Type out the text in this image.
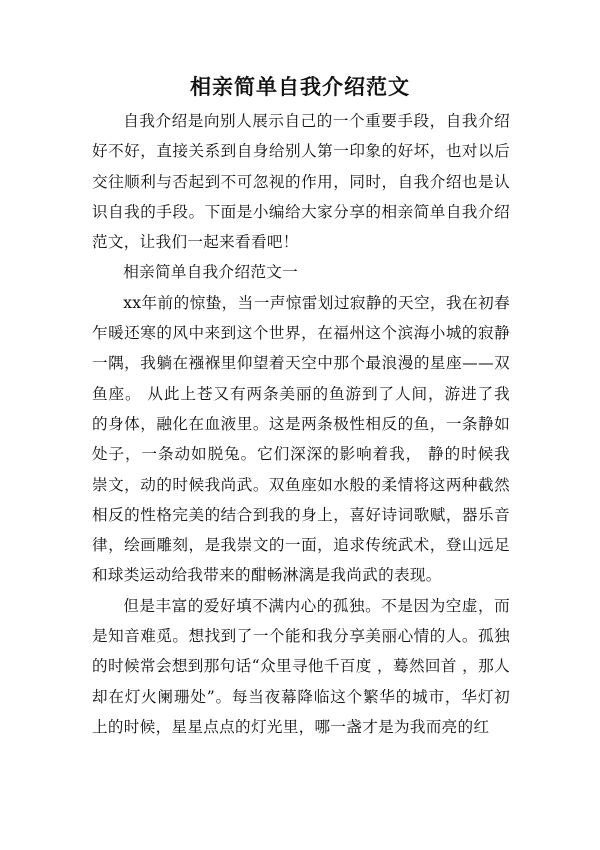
相亲简单自我介绍范文

自我介绍是向别人展示自己的一个重要手段，自我介绍好不好，直接关系到自身给别人第一印象的好坏，也对以后交往顺利与否起到不可忽视的作用，同时，自我介绍也是认识自我的手段。下面是小编给大家分享的相亲简单自我介绍范文，让我们一起来看看吧！

相亲简单自我介绍范文一

xx年前的惊蛰，当一声惊雷划过寂静的天空，我在初春乍暖还寒的风中来到这个世界，在福州这个滨海小城的寂静一隅，我躺在襁褓里仰望着天空中那个最浪漫的星座——双鱼座。 从此上苍又有两条美丽的鱼游到了人间，游进了我的身体，融化在血液里。这是两条极性相反的鱼，一条静如处子，一条动如脱兔。它们深深的影响着我， 静的时候我崇文，动的时候我尚武。双鱼座如水般的柔情将这两种截然相反的性格完美的结合到我的身上，喜好诗词歌赋，器乐音律，绘画雕刻，是我崇文的一面，追求传统武术，登山远足和球类运动给我带来的酣畅淋漓是我尚武的表现。

但是丰富的爱好填不满内心的孤独。不是因为空虚，而是知音难觅。想找到了一个能和我分享美丽心情的人。孤独的时候常会想到那句话“众里寻他千百度 ，蓦然回首 ，那人却在灯火阑珊处”。每当夜幕降临这个繁华的城市，华灯初上的时候，星星点点的灯光里，哪一盏才是为我而亮的红
